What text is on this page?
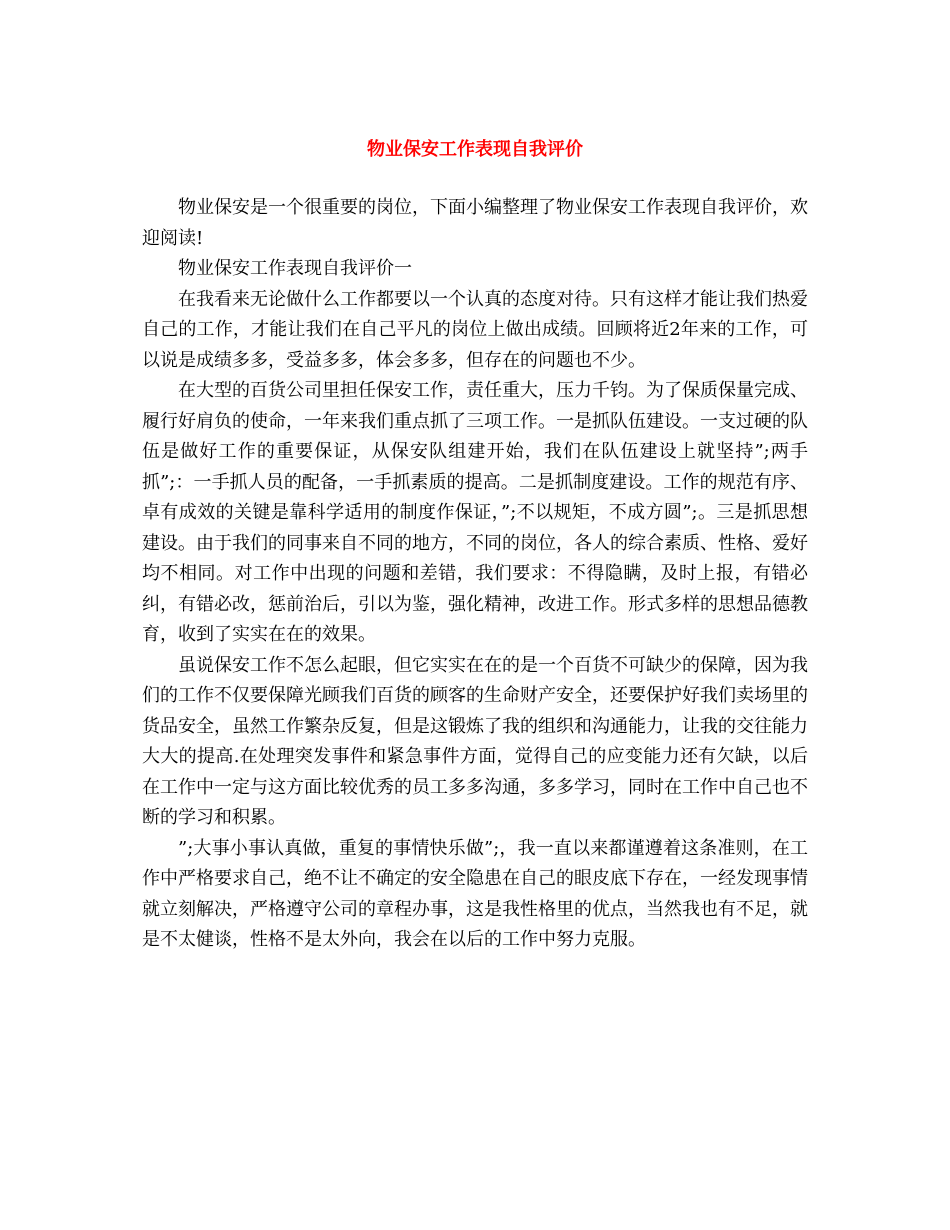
物业保安工作表现自我评价

物业保安是一个很重要的岗位，下面小编整理了物业保安工作表现自我评价，欢迎阅读!

物业保安工作表现自我评价一

在我看来无论做什么工作都要以一个认真的态度对待。只有这样才能让我们热爱自己的工作，才能让我们在自己平凡的岗位上做出成绩。回顾将近2年来的工作，可以说是成绩多多，受益多多，体会多多，但存在的问题也不少。

在大型的百货公司里担任保安工作，责任重大，压力千钧。为了保质保量完成、履行好肩负的使命，一年来我们重点抓了三项工作。一是抓队伍建设。一支过硬的队伍是做好工作的重要保证，从保安队组建开始，我们在队伍建设上就坚持”;两手抓”;：一手抓人员的配备，一手抓素质的提高。二是抓制度建设。工作的规范有序、卓有成效的关键是靠科学适用的制度作保证，”;不以规矩，不成方圆”;。三是抓思想建设。由于我们的同事来自不同的地方，不同的岗位，各人的综合素质、性格、爱好均不相同。对工作中出现的问题和差错，我们要求：不得隐瞒，及时上报，有错必纠，有错必改，惩前治后，引以为鉴，强化精神，改进工作。形式多样的思想品德教育，收到了实实在在的效果。

虽说保安工作不怎么起眼，但它实实在在的是一个百货不可缺少的保障，因为我们的工作不仅要保障光顾我们百货的顾客的生命财产安全，还要保护好我们卖场里的货品安全，虽然工作繁杂反复，但是这锻炼了我的组织和沟通能力，让我的交往能力大大的提高.在处理突发事件和紧急事件方面，觉得自己的应变能力还有欠缺，以后在工作中一定与这方面比较优秀的员工多多沟通，多多学习，同时在工作中自己也不断的学习和积累。

”;大事小事认真做，重复的事情快乐做”;，我一直以来都谨遵着这条准则，在工作中严格要求自己，绝不让不确定的安全隐患在自己的眼皮底下存在，一经发现事情就立刻解决，严格遵守公司的章程办事，这是我性格里的优点，当然我也有不足，就是不太健谈，性格不是太外向，我会在以后的工作中努力克服。
